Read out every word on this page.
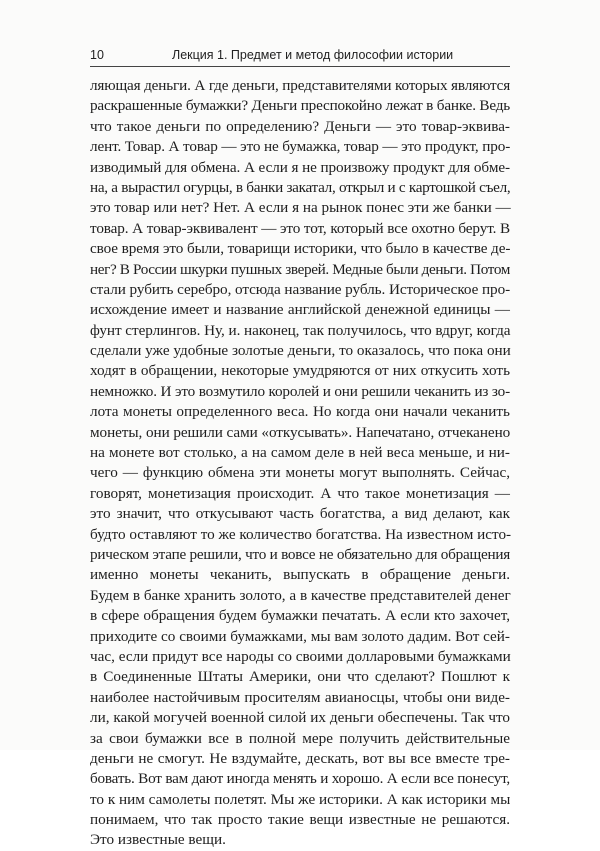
10	Лекция 1. Предмет и метод философии истории
ляющая деньги. А где деньги, представителями которых являются
раскрашенные бумажки? Деньги преспокойно лежат в банке. Ведь
что такое деньги по определению? Деньги — это товар-эквива-
лент. Товар. А товар — это не бумажка, товар — это продукт, про-
изводимый для обмена. А если я не произвожу продукт для обме-
на, а вырастил огурцы, в банки закатал, открыл и с картошкой съел,
это товар или нет? Нет. А если я на рынок понес эти же банки —
товар. А товар-эквивалент — это тот, который все охотно берут. В
свое время это были, товарищи историки, что было в качестве де-
нег? В России шкурки пушных зверей. Медные были деньги. Потом
стали рубить серебро, отсюда название рубль. Историческое про-
исхождение имеет и название английской денежной единицы —
фунт стерлингов. Ну, и. наконец, так получилось, что вдруг, когда
сделали уже удобные золотые деньги, то оказалось, что пока они
ходят в обращении, некоторые умудряются от них откусить хоть
немножко. И это возмутило королей и они решили чеканить из зо-
лота монеты определенного веса. Но когда они начали чеканить
монеты, они решили сами «откусывать». Напечатано, отчеканено
на монете вот столько, а на самом деле в ней веса меньше, и ни-
чего — функцию обмена эти монеты могут выполнять. Сейчас,
говорят, монетизация происходит. А что такое монетизация —
это значит, что откусывают часть богатства, а вид делают, как
будто оставляют то же количество богатства. На известном исто-
рическом этапе решили, что и вовсе не обязательно для обращения
именно монеты чеканить, выпускать в обращение деньги.
Будем в банке хранить золото, а в качестве представителей денег
в сфере обращения будем бумажки печатать. А если кто захочет,
приходите со своими бумажками, мы вам золото дадим. Вот сей-
час, если придут все народы со своими долларовыми бумажками
в Соединенные Штаты Америки, они что сделают? Пошлют к
наиболее настойчивым просителям авианосцы, чтобы они виде-
ли, какой могучей военной силой их деньги обеспечены. Так что
за свои бумажки все в полной мере получить действительные
деньги не смогут. Не вздумайте, дескать, вот вы все вместе тре-
бовать. Вот вам дают иногда менять и хорошо. А если все понесут,
то к ним самолеты полетят. Мы же историки. А как историки мы
понимаем, что так просто такие вещи известные не решаются.
Это известные вещи.
